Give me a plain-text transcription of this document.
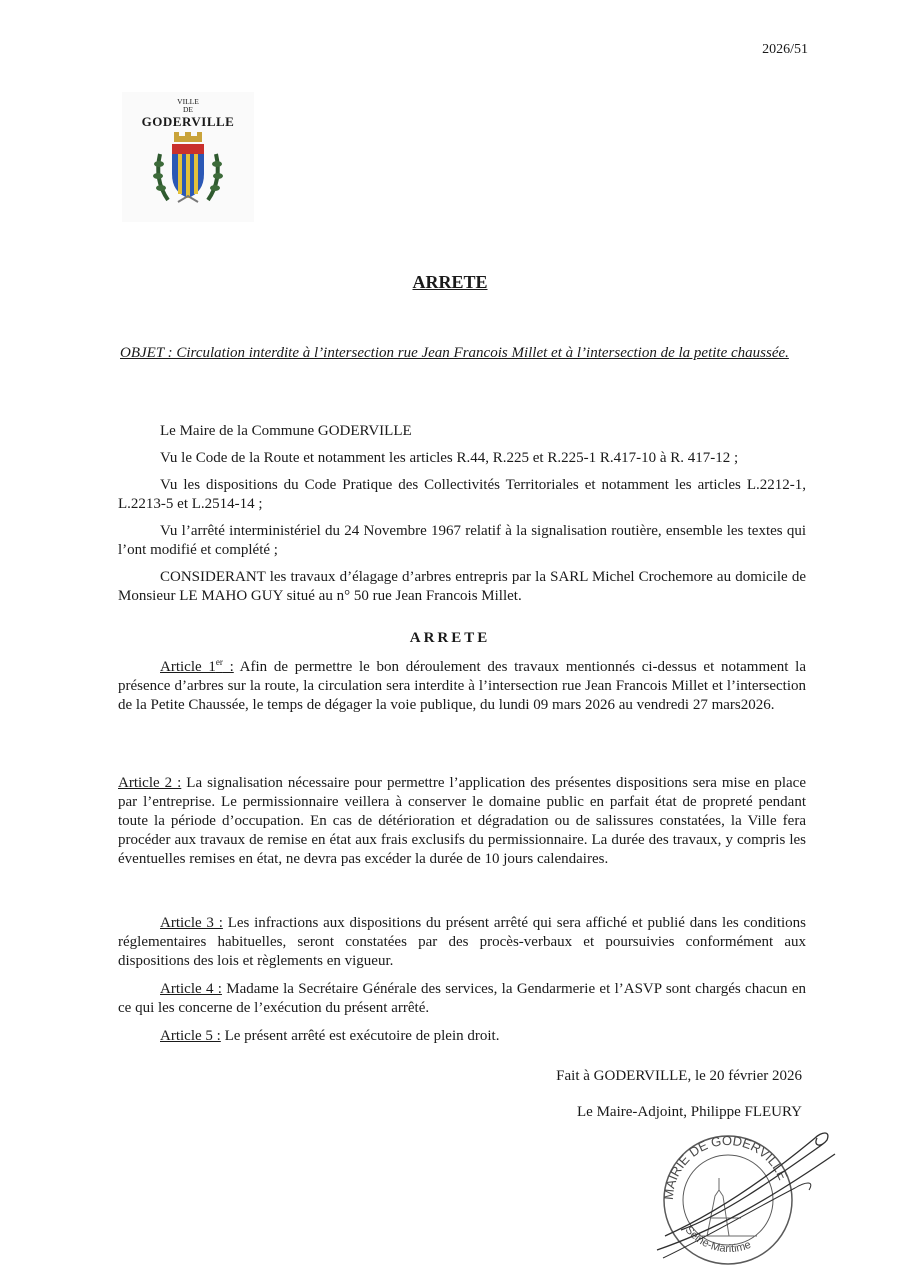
2026/51
VILLE
DE
GODERVILLE
ARRETE
OBJET : Circulation interdite à l’intersection rue Jean Francois Millet et à l’intersection de la petite chaussée.
Le Maire de la Commune GODERVILLE
Vu le Code de la Route et notamment les articles R.44, R.225 et R.225-1 R.417-10 à R. 417-12 ;
Vu les dispositions du Code Pratique des Collectivités Territoriales et notamment les articles L.2212-1, L.2213-5 et L.2514-14 ;
Vu l’arrêté interministériel du 24 Novembre 1967 relatif à la signalisation routière, ensemble les textes qui l’ont modifié et complété ;
CONSIDERANT les travaux d’élagage d’arbres entrepris par la SARL Michel Crochemore au domicile de Monsieur LE MAHO GUY situé au n° 50 rue Jean Francois Millet.
ARRETE
Article 1er : Afin de permettre le bon déroulement des travaux mentionnés ci-dessus et notamment la présence d’arbres sur la route, la circulation sera interdite à l’intersection rue Jean Francois Millet et l’intersection de la Petite Chaussée, le temps de dégager la voie publique, du lundi 09 mars 2026 au vendredi 27 mars2026.
Article 2 : La signalisation nécessaire pour permettre l’application des présentes dispositions sera mise en place par l’entreprise. Le permissionnaire veillera à conserver le domaine public en parfait état de propreté pendant toute la période d’occupation. En cas de détérioration et dégradation ou de salissures constatées, la Ville fera procéder aux travaux de remise en état aux frais exclusifs du permissionnaire. La durée des travaux, y compris les éventuelles remises en état, ne devra pas excéder la durée de 10 jours calendaires.
Article 3 : Les infractions aux dispositions du présent arrêté qui sera affiché et publié dans les conditions réglementaires habituelles, seront constatées par des procès-verbaux et poursuivies conformément aux dispositions des lois et règlements en vigueur.
Article 4 : Madame la Secrétaire Générale des services, la Gendarmerie et l’ASVP sont chargés chacun en ce qui les concerne de l’exécution du présent arrêté.
Article 5 : Le présent arrêté est exécutoire de plein droit.
Fait à GODERVILLE, le 20 février 2026
Le Maire-Adjoint, Philippe FLEURY
MAIRIE DE GODERVILLE
Seine-Maritime
